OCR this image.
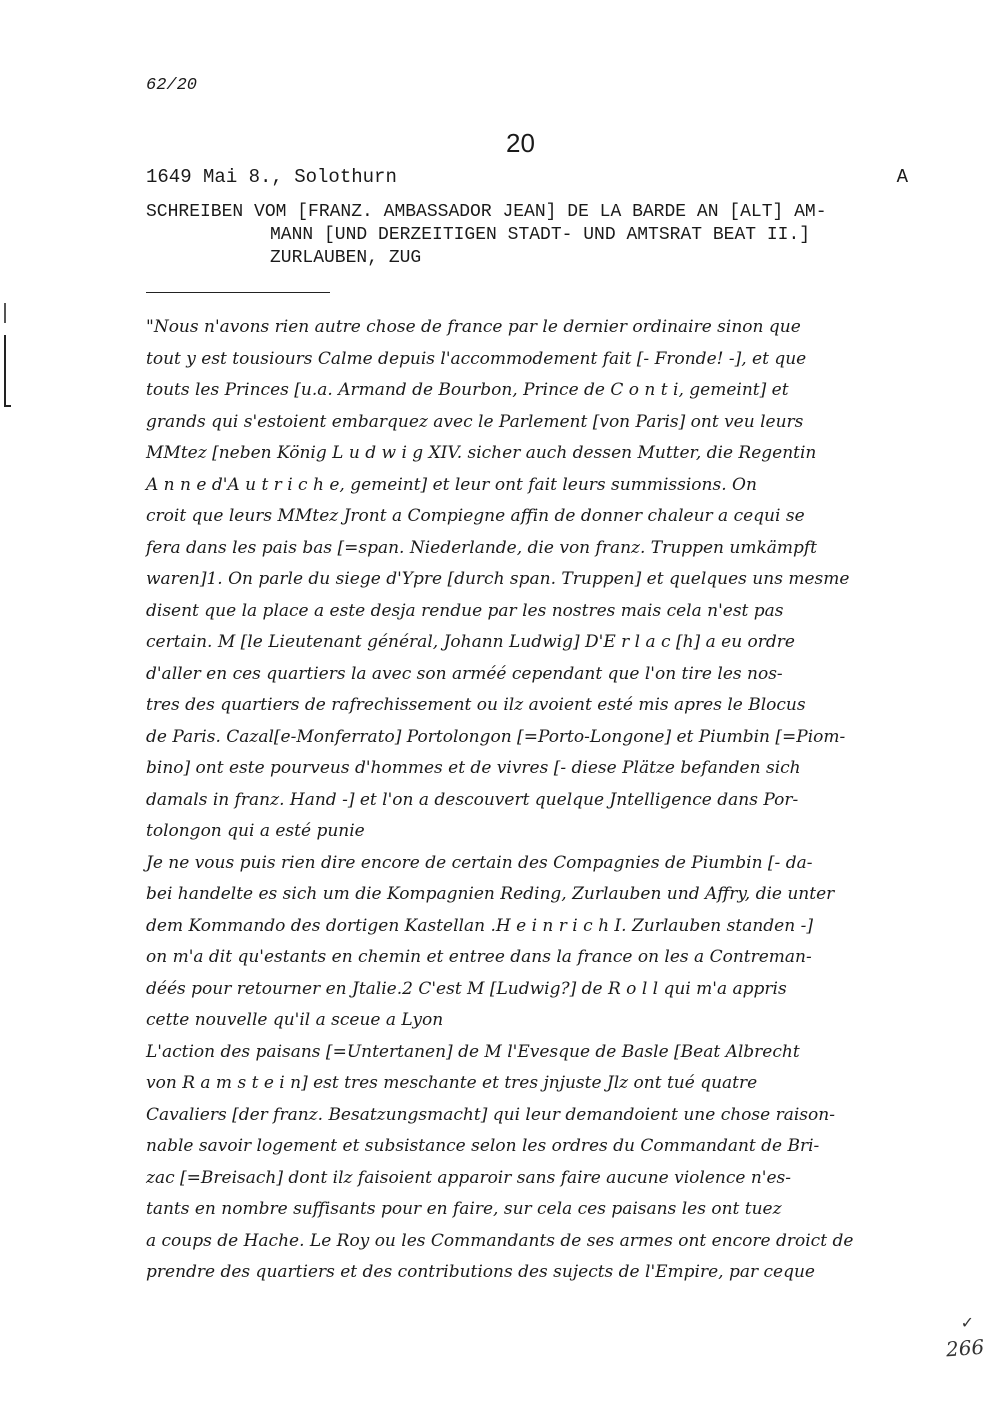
62/20
20
1649 Mai 8., Solothurn	A
SCHREIBEN VOM [FRANZ. AMBASSADOR JEAN] DE LA BARDE AN [ALT] AM-
MANN [UND DERZEITIGEN STADT- UND AMTSRAT BEAT II.]
ZURLAUBEN, ZUG
"Nous n'avons rien autre chose de france par le dernier ordinaire sinon que
tout y est tousiours Calme depuis l'accommodement fait [- Fronde! -], et que
touts les Princes [u.a. Armand de Bourbon, Prince de C o n t i, gemeint] et
grands qui s'estoient embarquez avec le Parlement [von Paris] ont veu leurs
MMtez [neben König L u d w i g XIV. sicher auch dessen Mutter, die Regentin
A n n e d'A u t r i c h e, gemeint] et leur ont fait leurs summissions. On
croit que leurs MMtez Jront a Compiegne affin de donner chaleur a cequi se
fera dans les pais bas [=span. Niederlande, die von franz. Truppen umkämpft
waren]1. On parle du siege d'Ypre [durch span. Truppen] et quelques uns mesme
disent que la place a este desja rendue par les nostres mais cela n'est pas
certain. M [le Lieutenant général, Johann Ludwig] D'E r l a c [h] a eu ordre
d'aller en ces quartiers la avec son arméé cependant que l'on tire les nos-
tres des quartiers de rafrechissement ou ilz avoient esté mis apres le Blocus
de Paris. Cazal[e-Monferrato] Portolongon [=Porto-Longone] et Piumbin [=Piom-
bino] ont este pourveus d'hommes et de vivres [- diese Plätze befanden sich
damals in franz. Hand -] et l'on a descouvert quelque Jntelligence dans Por-
tolongon qui a esté punie
Je ne vous puis rien dire encore de certain des Compagnies de Piumbin [- da-
bei handelte es sich um die Kompagnien Reding, Zurlauben und Affry, die unter
dem Kommando des dortigen Kastellan .H e i n r i c h I. Zurlauben standen -]
on m'a dit qu'estants en chemin et entree dans la france on les a Contreman-
déés pour retourner en Jtalie.2 C'est M [Ludwig?] de R o l l qui m'a appris
cette nouvelle qu'il a sceue a Lyon
L'action des paisans [=Untertanen] de M l'Evesque de Basle [Beat Albrecht
von R a m s t e i n] est tres meschante et tres jnjuste Jlz ont tué quatre
Cavaliers [der franz. Besatzungsmacht] qui leur demandoient une chose raison-
nable savoir logement et subsistance selon les ordres du Commandant de Bri-
zac [=Breisach] dont ilz faisoient apparoir sans faire aucune violence n'es-
tants en nombre suffisants pour en faire, sur cela ces paisans les ont tuez
a coups de Hache. Le Roy ou les Commandants de ses armes ont encore droict de
prendre des quartiers et des contributions des sujects de l'Empire, par ceque
✓
266
